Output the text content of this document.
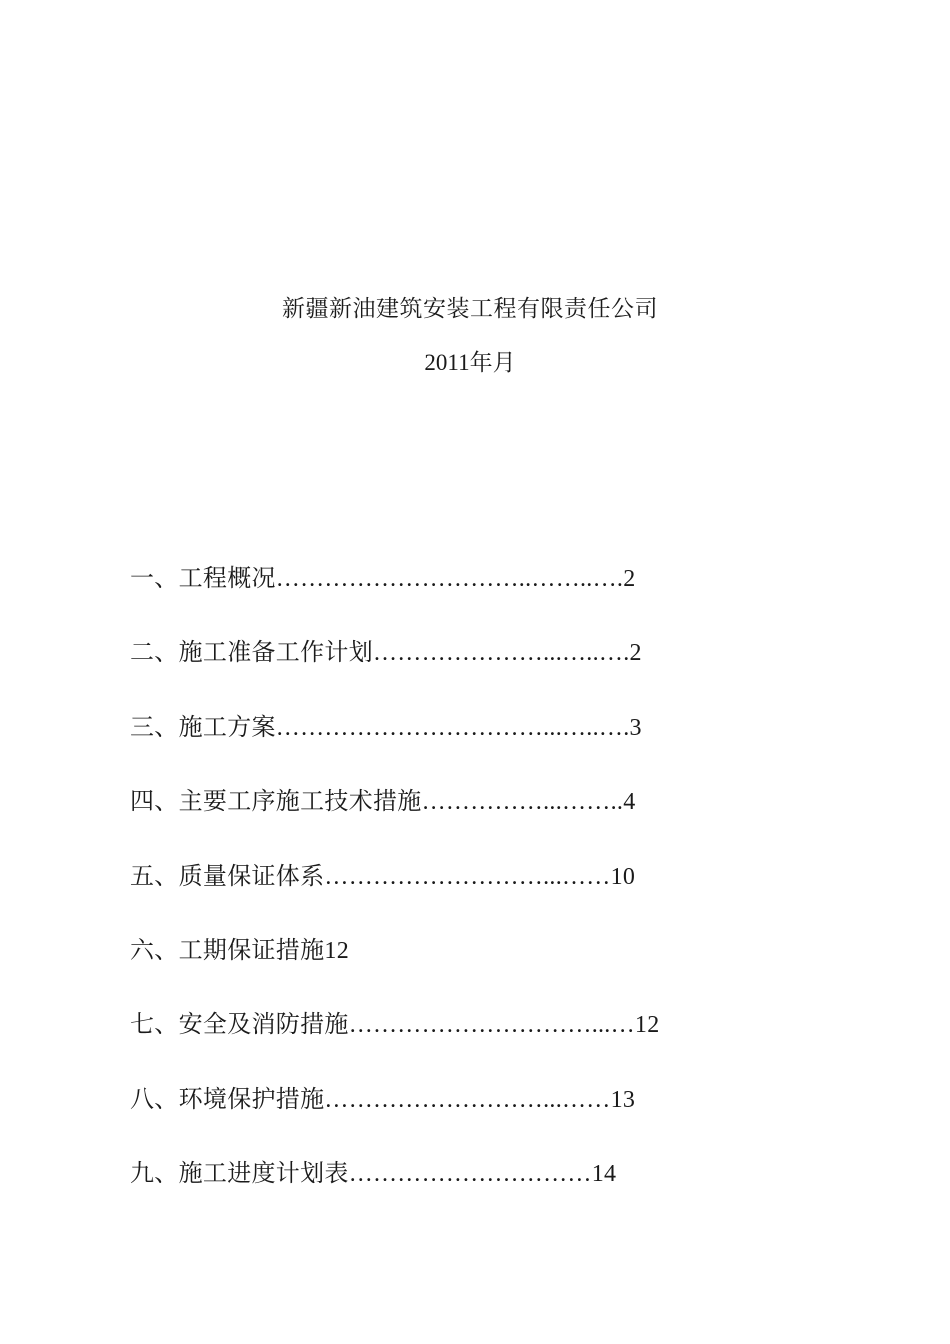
新疆新油建筑安装工程有限责任公司
2011年月
一、工程概况…………………………..……..….2
二、施工准备工作计划…………………...…..….2
三、施工方案……………………………...…..….3
四、主要工序施工技术措施……………...……..4
五、质量保证体系………………………...……10
六、工期保证措施12
七、安全及消防措施…………………………...…12
八、环境保护措施………………………...……13
九、施工进度计划表…………………………14
